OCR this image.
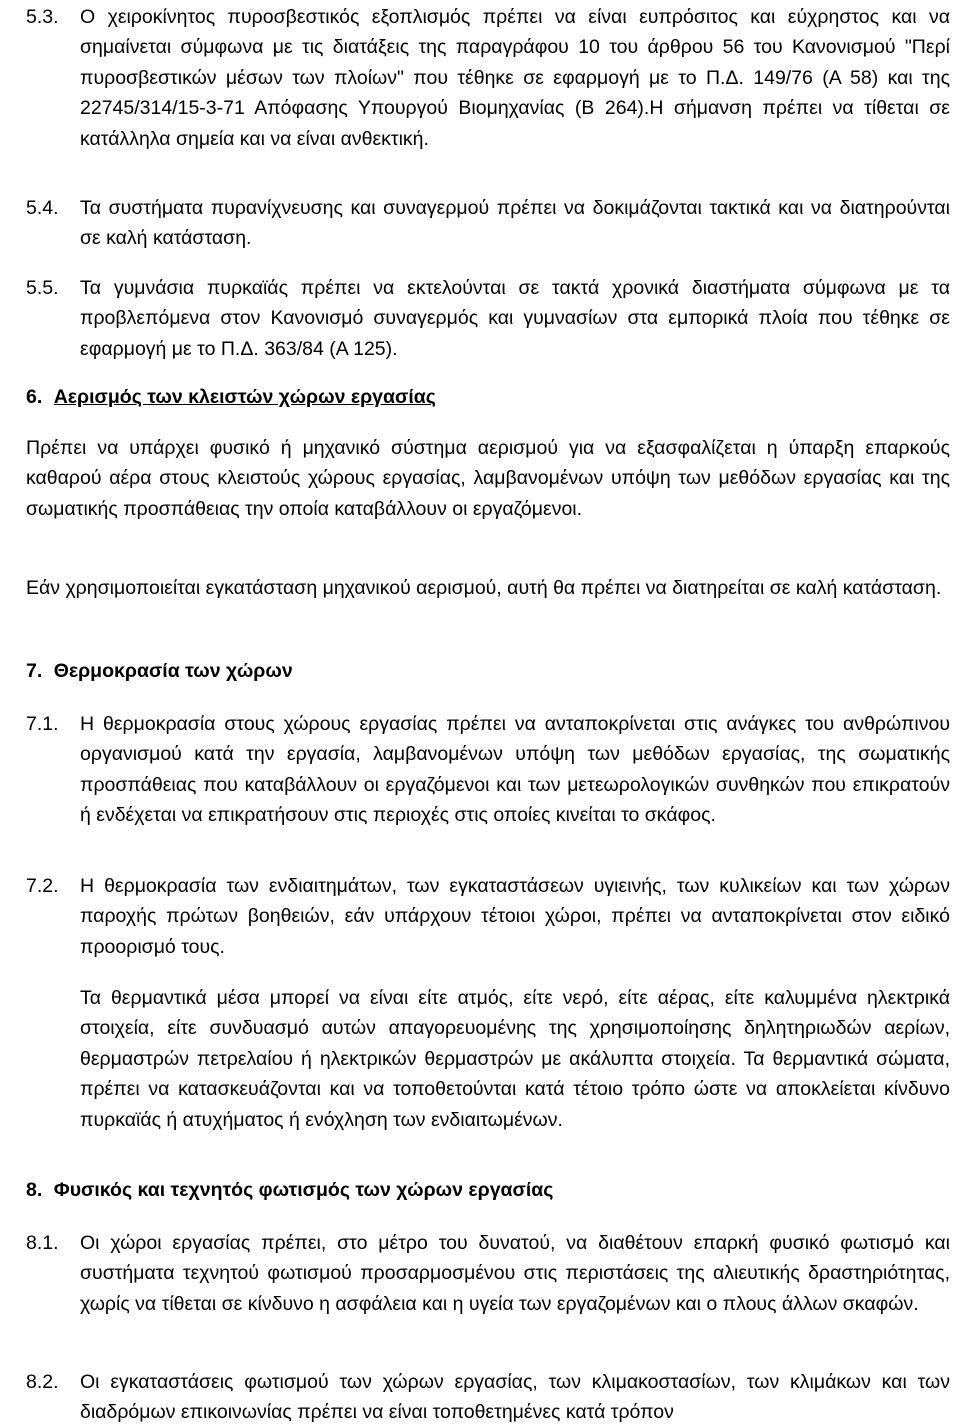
5.3. Ο χειροκίνητος πυροσβεστικός εξοπλισμός πρέπει να είναι ευπρόσιτος και εύχρηστος και να σημαίνεται σύμφωνα με τις διατάξεις της παραγράφου 10 του άρθρου 56 του Κανονισμού "Περί πυροσβεστικών μέσων των πλοίων" που τέθηκε σε εφαρμογή με το Π.Δ. 149/76 (Α 58) και της 22745/314/15-3-71 Απόφασης Υπουργού Βιομηχανίας (Β 264).Η σήμανση πρέπει να τίθεται σε κατάλληλα σημεία και να είναι ανθεκτική.
5.4. Τα συστήματα πυρανίχνευσης και συναγερμού πρέπει να δοκιμάζονται τακτικά και να διατηρούνται σε καλή κατάσταση.
5.5. Τα γυμνάσια πυρκαϊάς πρέπει να εκτελούνται σε τακτά χρονικά διαστήματα σύμφωνα με τα προβλεπόμενα στον Κανονισμό συναγερμός και γυμνασίων στα εμπορικά πλοία που τέθηκε σε εφαρμογή με το Π.Δ. 363/84 (Α 125).
6. Αερισμός των κλειστών χώρων εργασίας
Πρέπει να υπάρχει φυσικό ή μηχανικό σύστημα αερισμού για να εξασφαλίζεται η ύπαρξη επαρκούς καθαρού αέρα στους κλειστούς χώρους εργασίας, λαμβανομένων υπόψη των μεθόδων εργασίας και της σωματικής προσπάθειας την οποία καταβάλλουν οι εργαζόμενοι.
Εάν χρησιμοποιείται εγκατάσταση μηχανικού αερισμού, αυτή θα πρέπει να διατηρείται σε καλή κατάσταση.
7. Θερμοκρασία των χώρων
7.1. Η θερμοκρασία στους χώρους εργασίας πρέπει να ανταποκρίνεται στις ανάγκες του ανθρώπινου οργανισμού κατά την εργασία, λαμβανομένων υπόψη των μεθόδων εργασίας, της σωματικής προσπάθειας που καταβάλλουν οι εργαζόμενοι και των μετεωρολογικών συνθηκών που επικρατούν ή ενδέχεται να επικρατήσουν στις περιοχές στις οποίες κινείται το σκάφος.
7.2. Η θερμοκρασία των ενδιαιτημάτων, των εγκαταστάσεων υγιεινής, των κυλικείων και των χώρων παροχής πρώτων βοηθειών, εάν υπάρχουν τέτοιοι χώροι, πρέπει να ανταποκρίνεται στον ειδικό προορισμό τους.
Τα θερμαντικά μέσα μπορεί να είναι είτε ατμός, είτε νερό, είτε αέρας, είτε καλυμμένα ηλεκτρικά στοιχεία, είτε συνδυασμό αυτών απαγορευομένης της χρησιμοποίησης δηλητηριωδών αερίων, θερμαστρών πετρελαίου ή ηλεκτρικών θερμαστρών με ακάλυπτα στοιχεία. Τα θερμαντικά σώματα, πρέπει να κατασκευάζονται και να τοποθετούνται κατά τέτοιο τρόπο ώστε να αποκλείεται κίνδυνο πυρκαϊάς ή ατυχήματος ή ενόχληση των ενδιαιτωμένων.
8. Φυσικός και τεχνητός φωτισμός των χώρων εργασίας
8.1. Οι χώροι εργασίας πρέπει, στο μέτρο του δυνατού, να διαθέτουν επαρκή φυσικό φωτισμό και συστήματα τεχνητού φωτισμού προσαρμοσμένου στις περιστάσεις της αλιευτικής δραστηριότητας, χωρίς να τίθεται σε κίνδυνο η ασφάλεια και η υγεία των εργαζομένων και ο πλους άλλων σκαφών.
8.2. Οι εγκαταστάσεις φωτισμού των χώρων εργασίας, των κλιμακοστασίων, των κλιμάκων και των διαδρόμων επικοινωνίας πρέπει να είναι τοποθετημένες κατά τρόπον
